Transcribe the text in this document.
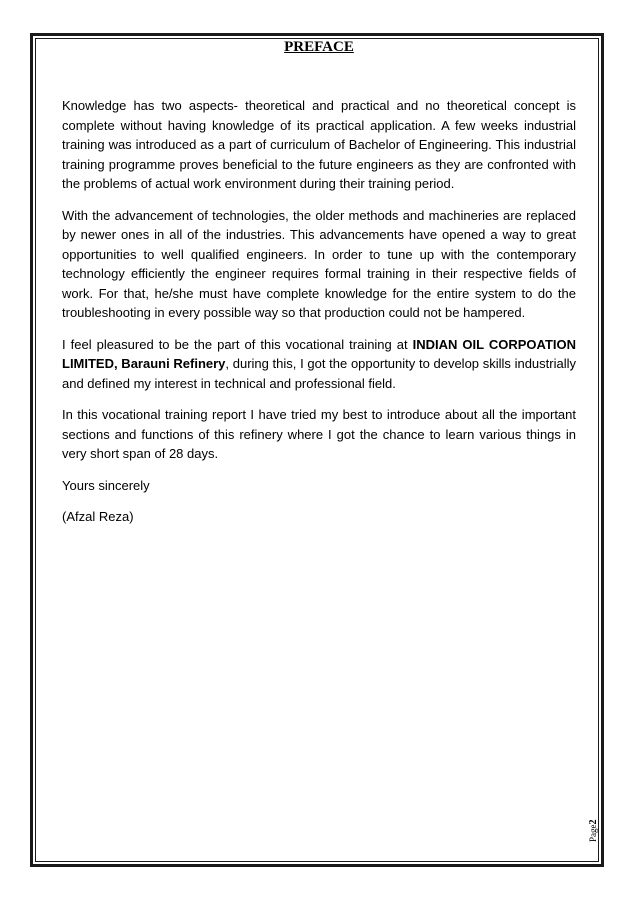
PREFACE

Knowledge has two aspects- theoretical and practical and no theoretical concept is complete without having knowledge of its practical application. A few weeks industrial training was introduced as a part of curriculum of Bachelor of Engineering. This industrial training programme proves beneficial to the future engineers as they are confronted with the problems of actual work environment during their training period.

With the advancement of technologies, the older methods and machineries are replaced by newer ones in all of the industries. This advancements have opened a way to great opportunities to well qualified engineers. In order to tune up with the contemporary technology efficiently the engineer requires formal training in their respective fields of work. For that, he/she must have complete knowledge for the entire system to do the troubleshooting in every possible way so that production could not be hampered.

I feel pleasured to be the part of this vocational training at INDIAN OIL CORPOATION LIMITED, Barauni Refinery, during this, I got the opportunity to develop skills industrially and defined my interest in technical and professional field.

In this vocational training report I have tried my best to introduce about all the important sections and functions of this refinery where I got the chance to learn various things in very short span of 28 days.

Yours sincerely

(Afzal Reza)

Page2
